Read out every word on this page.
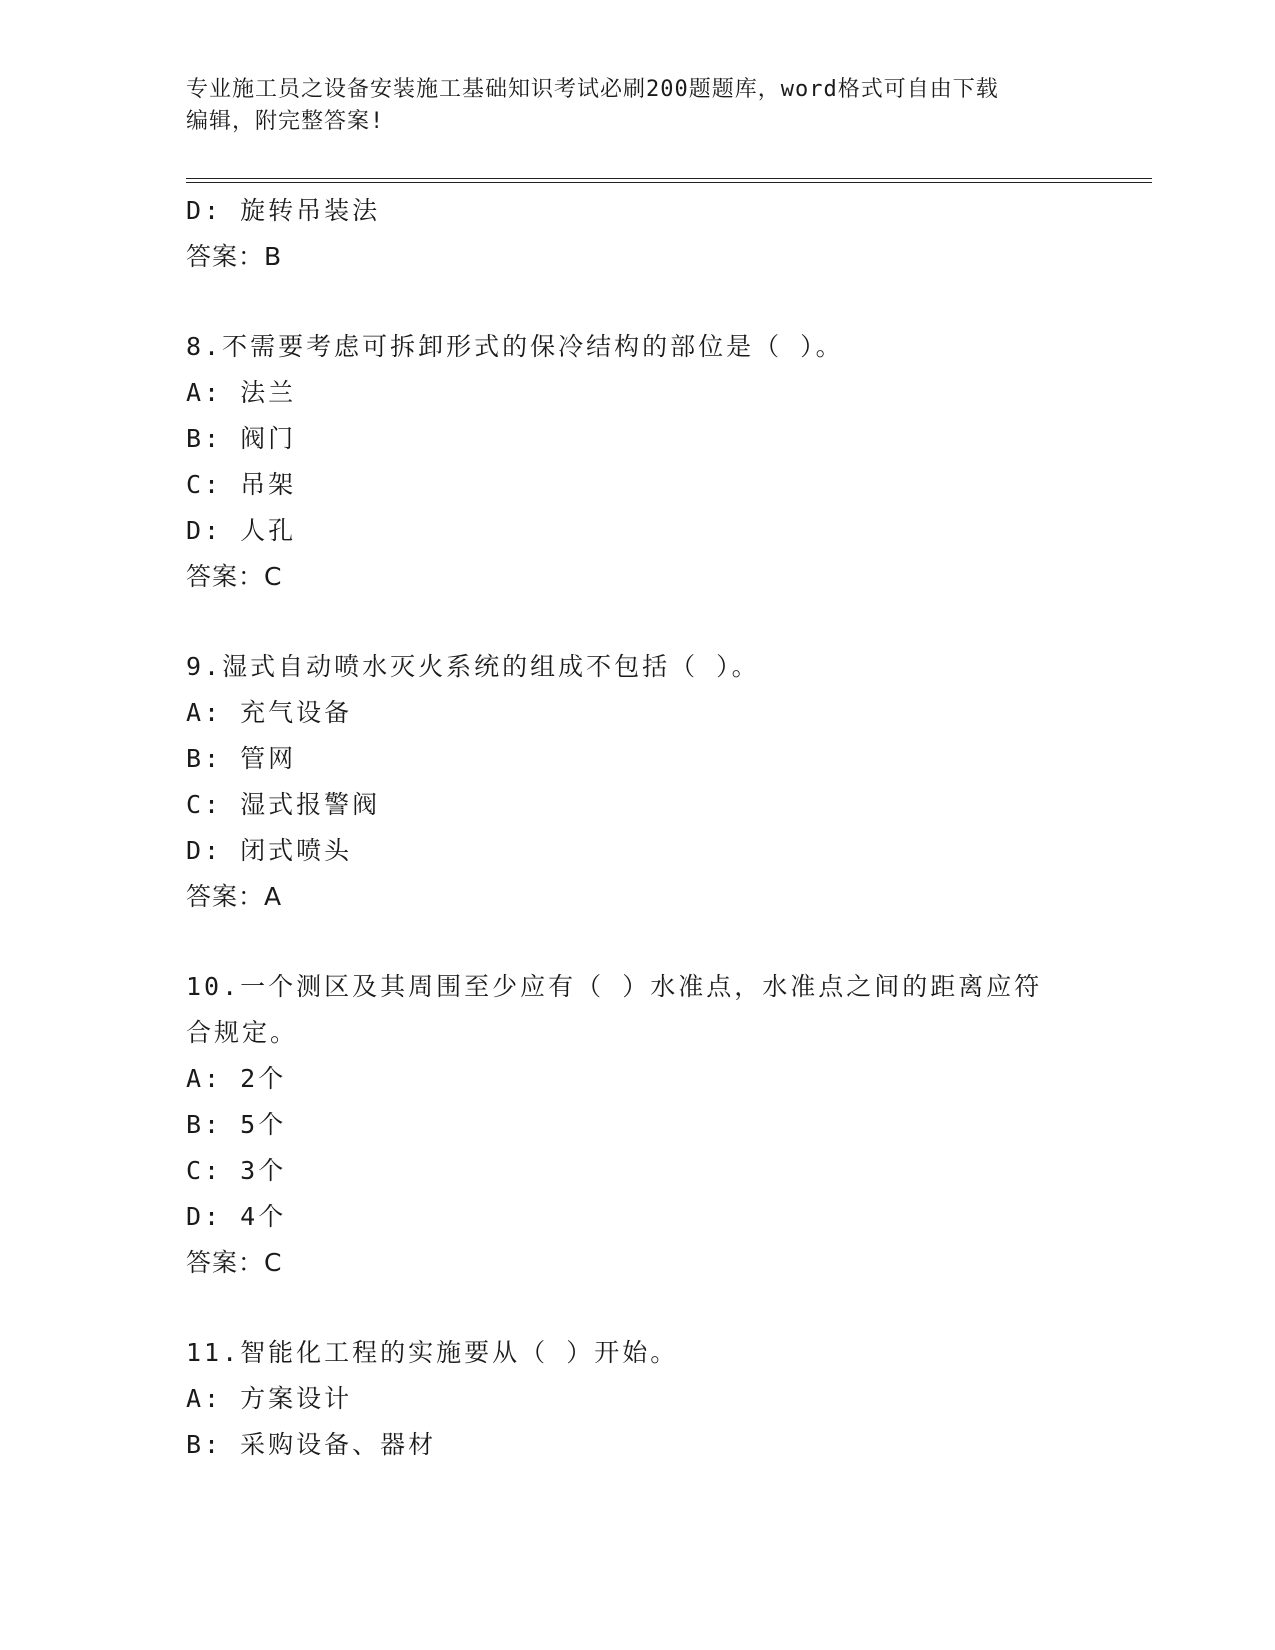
专业施工员之设备安装施工基础知识考试必刷200题题库，word格式可自由下载
编辑，附完整答案!
D: 旋转吊装法
答案：B
8.不需要考虑可拆卸形式的保冷结构的部位是（ ）。
A: 法兰
B: 阀门
C: 吊架
D: 人孔
答案：C
9.湿式自动喷水灭火系统的组成不包括（ ）。
A: 充气设备
B: 管网
C: 湿式报警阀
D: 闭式喷头
答案：A
10.一个测区及其周围至少应有（ ）水准点，水准点之间的距离应符
合规定。
A: 2个
B: 5个
C: 3个
D: 4个
答案：C
11.智能化工程的实施要从（ ）开始。
A: 方案设计
B: 采购设备、器材
